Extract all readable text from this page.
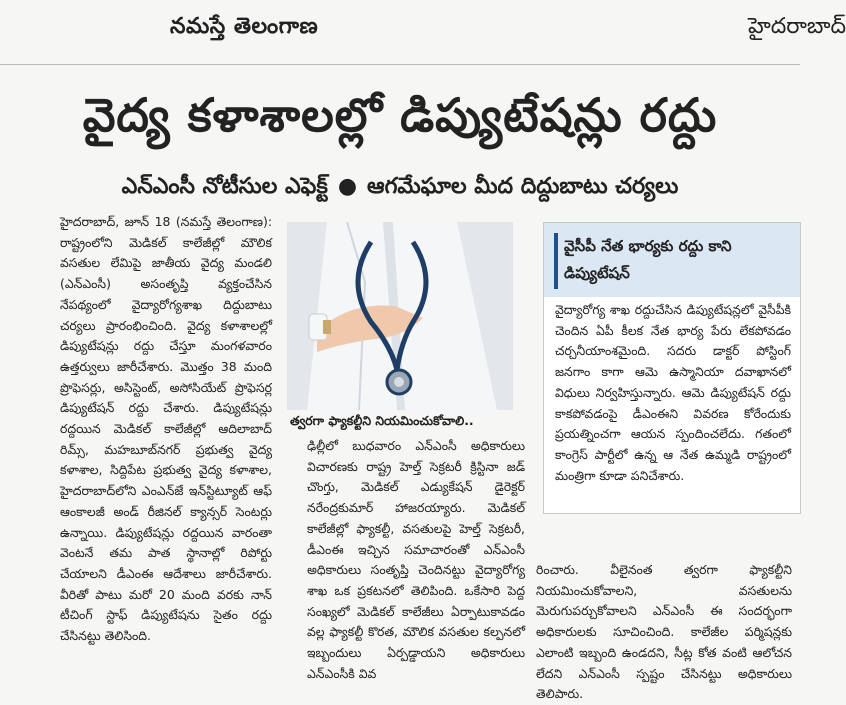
నమస్తే తెలంగాణ	హైదరాబాద్
వైద్య కళాశాలల్లో డిప్యుటేషన్లు రద్దు
ఎన్‌ఎంసీ నోటీసుల ఎఫెక్ట్ ● ఆగమేఘాల మీద దిద్దుబాటు చర్యలు
హైదరాబాద్, జూన్ 18 (నమస్తే తెలంగాణ): రాష్ట్రంలోని మెడికల్ కాలేజీల్లో మౌలిక వసతుల లేమిపై జాతీయ వైద్య మండలి (ఎన్‌ఎంసీ) అసంతృప్తి వ్యక్తంచేసిన నేపథ్యంలో వైద్యారోగ్యశాఖ దిద్దుబాటు చర్యలు ప్రారంభించింది. వైద్య కళాశాలల్లో డిప్యుటేషన్లు రద్దు చేస్తూ మంగళవారం ఉత్తర్వులు జారీచేశారు. మొత్తం 38 మంది ప్రొఫెసర్లు, అసిస్టెంట్, అసోసియేట్ ప్రొఫెసర్ల డిప్యుటేషన్ రద్దు చేశారు. డిప్యుటేషన్లు రద్దయిన మెడికల్ కాలేజీల్లో ఆదిలాబాద్ రిమ్స్, మహబూబ్‌నగర్ ప్రభుత్వ వైద్య కళాశాల, సిద్దిపేట ప్రభుత్వ వైద్య కళాశాల, హైదరాబాద్‌లోని ఎంఎన్‌జే ఇన్‌స్టిట్యూట్ ఆఫ్ ఆంకాలజీ అండ్ రీజినల్ క్యాన్సర్ సెంటర్లు ఉన్నాయి. డిప్యుటేషన్లు రద్దయిన వారంతా వెంటనే తమ పాత స్థానాల్లో రిపోర్టు చేయాలని డీఎంఈ ఆదేశాలు జారీచేశారు. వీరితో పాటు మరో 20 మంది వరకు నాన్ టీచింగ్ స్టాఫ్ డిప్యుటేషను సైతం రద్దు చేసినట్టు తెలిసింది.
త్వరగా ఫ్యాకల్టీని నియమించుకోవాలి..
ఢిల్లీలో బుధవారం ఎన్‌ఎంసీ అధికారులు విచారణకు రాష్ట్ర హెల్త్ సెక్రటరీ క్రిస్టినా జడ్ చొంగ్తు, మెడికల్ ఎడ్యుకేషన్ డైరెక్టర్ నరేంద్రకుమార్ హాజరయ్యారు. మెడికల్ కాలేజీల్లో ఫ్యాకల్టీ, వసతులపై హెల్త్ సెక్రటరీ, డీఎంఈ ఇచ్చిన సమాచారంతో ఎన్‌ఎంసీ అధికారులు సంతృప్తి చెందినట్టు వైద్యారోగ్య శాఖ ఒక ప్రకటనలో తెలిపింది. ఒకేసారి పెద్ద సంఖ్యలో మెడికల్ కాలేజీలు ఏర్పాటుకావడం వల్ల ఫ్యాకల్టీ కొరత, మౌలిక వసతుల కల్పనలో ఇబ్బందులు ఏర్పడ్డాయని అధికారులు ఎన్‌ఎంసీకి వివ
వైసీపీ నేత భార్యకు రద్దు కాని డిప్యుటేషన్
వైద్యారోగ్య శాఖ రద్దుచేసిన డిప్యుటేషన్లలో వైసీపీకి చెందిన ఏపీ కీలక నేత భార్య పేరు లేకపోవడం చర్చనీయాంశమైంది. సదరు డాక్టర్ పోస్టింగ్ జనగాం కాగా ఆమె ఉస్మానియా దవాఖానలో విధులు నిర్వహిస్తున్నారు. ఆమె డిప్యుటేషన్ రద్దు కాకపోవడంపై డీఎంఈని వివరణ కోరేందుకు ప్రయత్నించగా ఆయన స్పందించలేదు. గతంలో కాంగ్రెస్ పార్టీలో ఉన్న ఆ నేత ఉమ్మడి రాష్ట్రంలో మంత్రిగా కూడా పనిచేశారు.
రించారు. వీలైనంత త్వరగా ఫ్యాకల్టీని నియమించుకోవాలని, వసతులను మెరుగుపర్చుకోవాలని ఎన్‌ఎంసీ ఈ సందర్భంగా అధికారులకు సూచించింది. కాలేజీల పర్మిషన్లకు ఎలాంటి ఇబ్బంది ఉండదని, సీట్ల కోత వంటి ఆలోచన లేదని ఎన్‌ఎంసీ స్పష్టం చేసినట్టు అధికారులు తెలిపారు.
